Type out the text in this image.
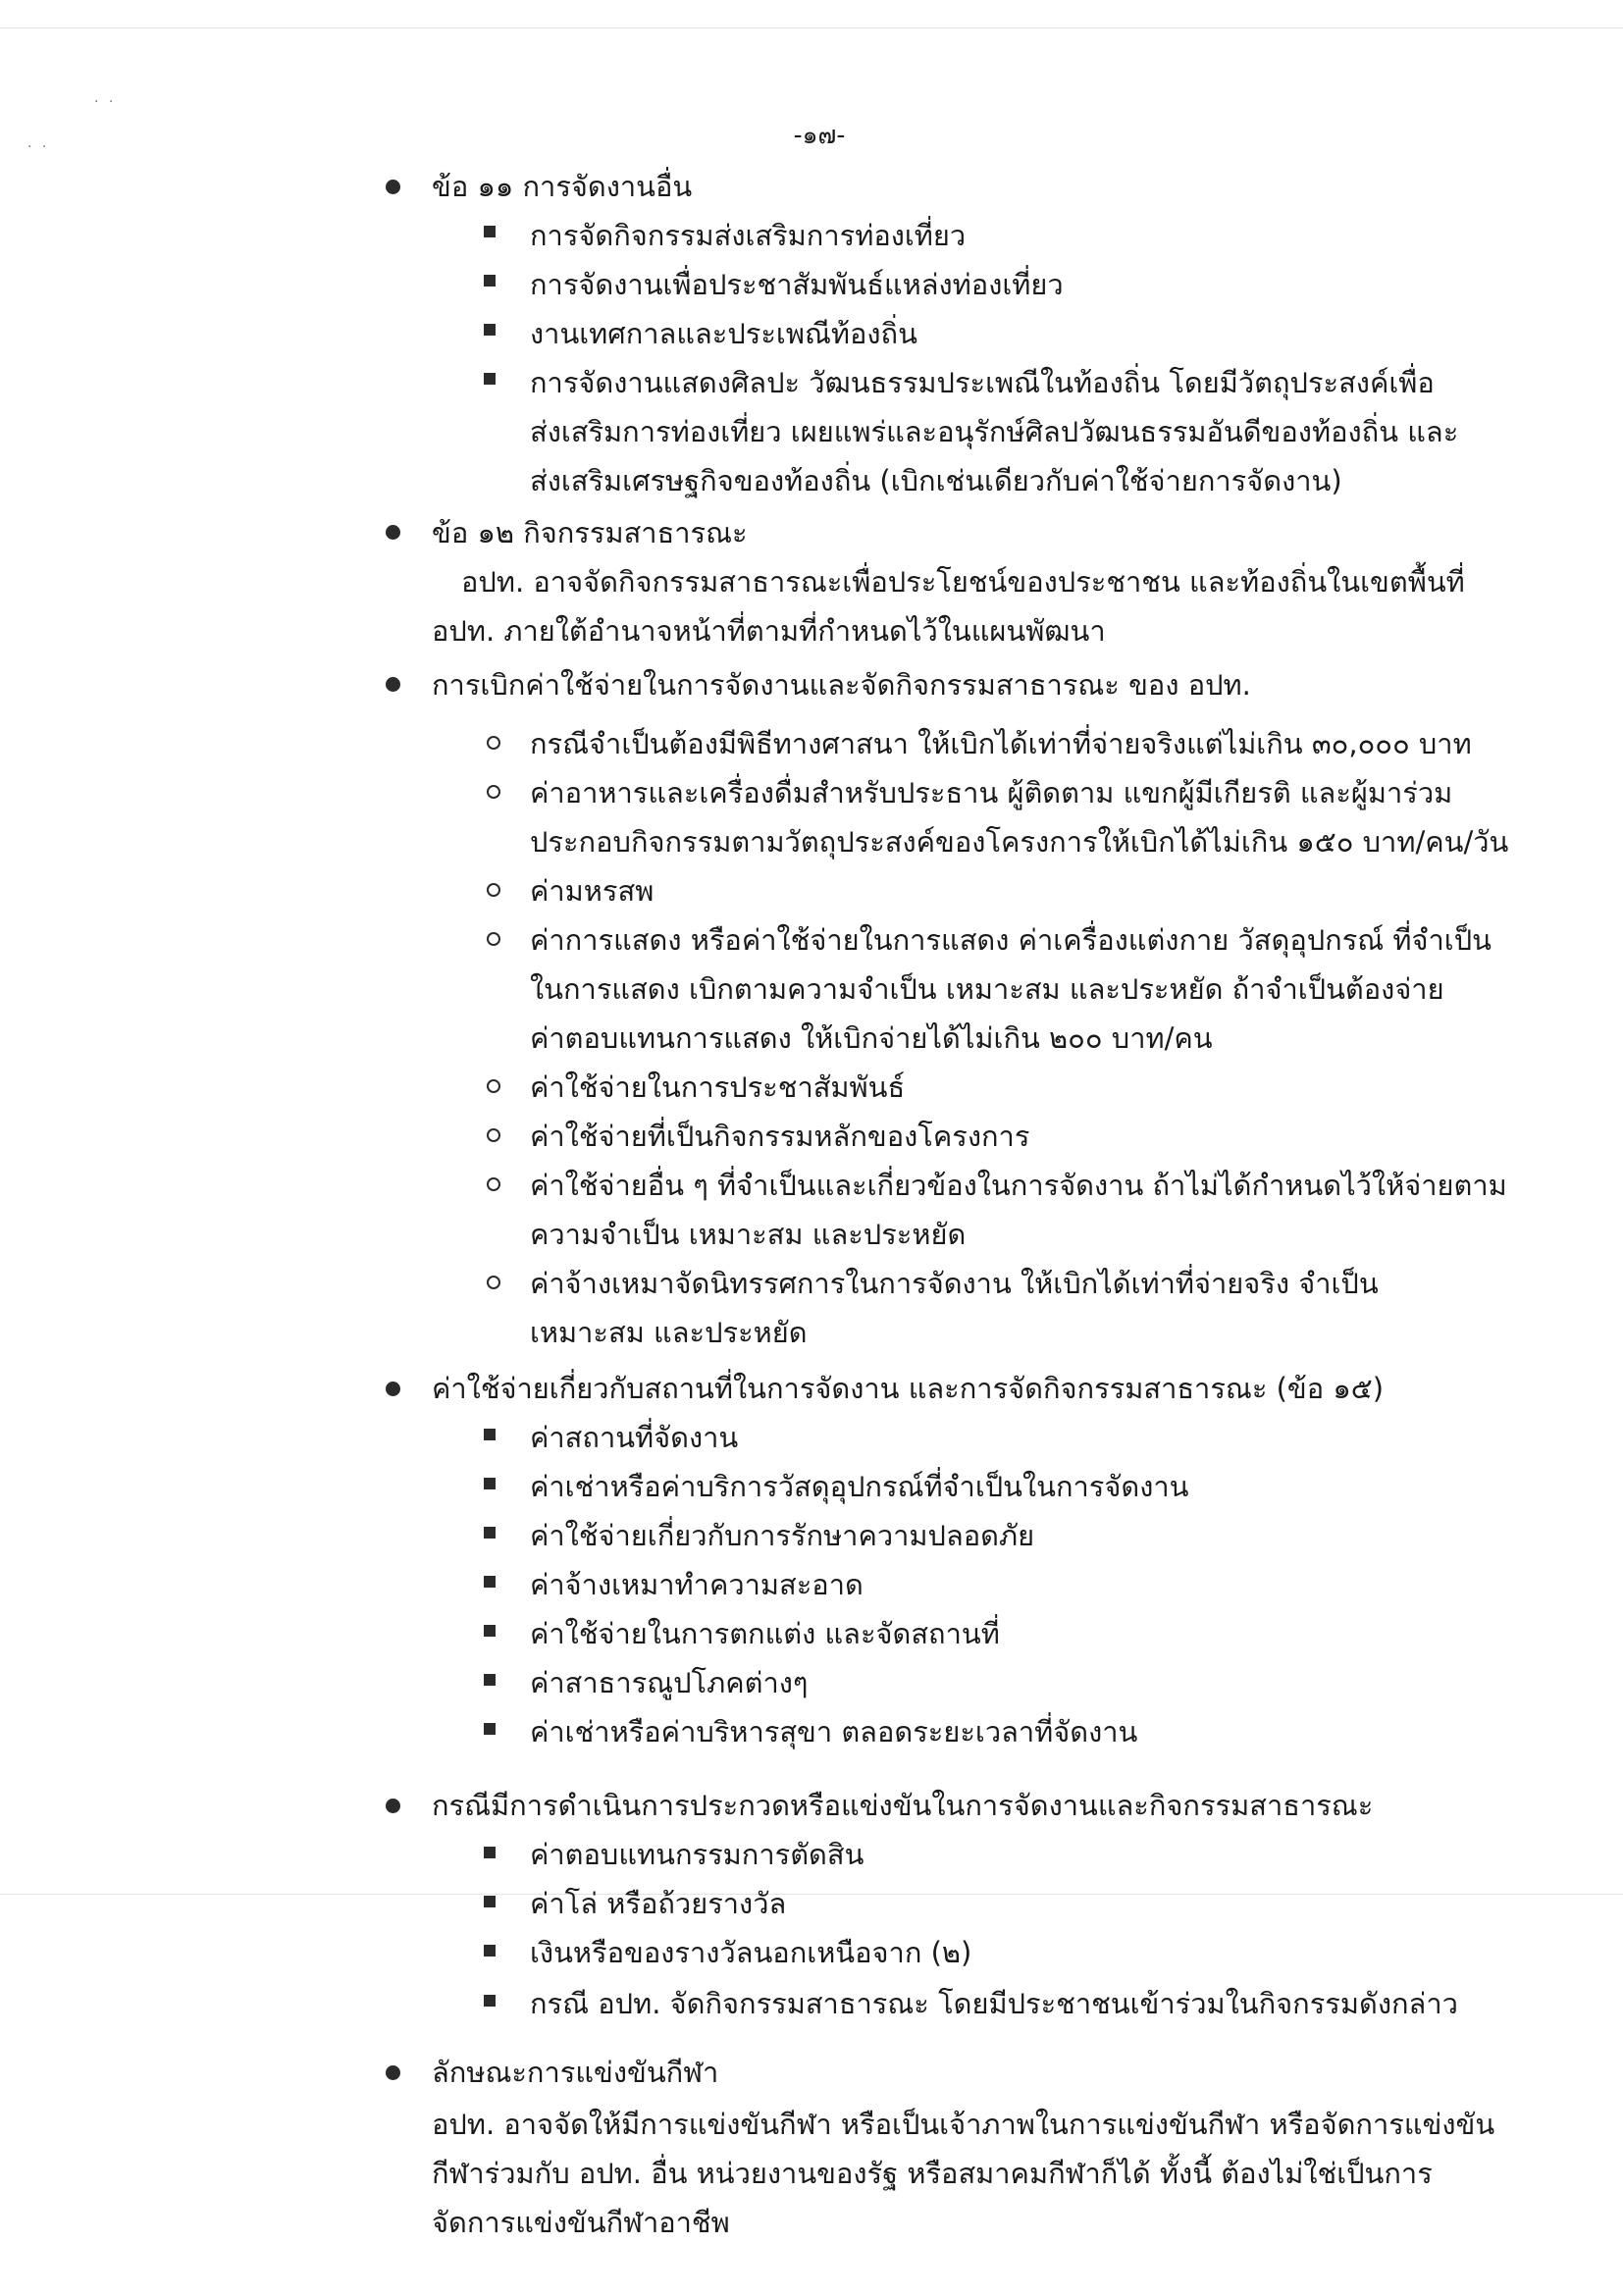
· ·
· ·	-๑๗-
ข้อ ๑๑ การจัดงานอื่น
การจัดกิจกรรมส่งเสริมการท่องเที่ยว
การจัดงานเพื่อประชาสัมพันธ์แหล่งท่องเที่ยว
งานเทศกาลและประเพณีท้องถิ่น
การจัดงานแสดงศิลปะ วัฒนธรรมประเพณีในท้องถิ่น โดยมีวัตถุประสงค์เพื่อ
ส่งเสริมการท่องเที่ยว เผยแพร่และอนุรักษ์ศิลปวัฒนธรรมอันดีของท้องถิ่น และ
ส่งเสริมเศรษฐกิจของท้องถิ่น (เบิกเช่นเดียวกับค่าใช้จ่ายการจัดงาน)
ข้อ ๑๒ กิจกรรมสาธารณะ
อปท. อาจจัดกิจกรรมสาธารณะเพื่อประโยชน์ของประชาชน และท้องถิ่นในเขตพื้นที่
อปท. ภายใต้อำนาจหน้าที่ตามที่กำหนดไว้ในแผนพัฒนา
การเบิกค่าใช้จ่ายในการจัดงานและจัดกิจกรรมสาธารณะ ของ อปท.
กรณีจำเป็นต้องมีพิธีทางศาสนา ให้เบิกได้เท่าที่จ่ายจริงแต่ไม่เกิน ๓๐,๐๐๐ บาท
ค่าอาหารและเครื่องดื่มสำหรับประธาน ผู้ติดตาม แขกผู้มีเกียรติ และผู้มาร่วม
ประกอบกิจกรรมตามวัตถุประสงค์ของโครงการให้เบิกได้ไม่เกิน ๑๕๐ บาท/คน/วัน
ค่ามหรสพ
ค่าการแสดง หรือค่าใช้จ่ายในการแสดง ค่าเครื่องแต่งกาย วัสดุอุปกรณ์ ที่จำเป็น
ในการแสดง เบิกตามความจำเป็น เหมาะสม และประหยัด ถ้าจำเป็นต้องจ่าย
ค่าตอบแทนการแสดง ให้เบิกจ่ายได้ไม่เกิน ๒๐๐ บาท/คน
ค่าใช้จ่ายในการประชาสัมพันธ์
ค่าใช้จ่ายที่เป็นกิจกรรมหลักของโครงการ
ค่าใช้จ่ายอื่น ๆ ที่จำเป็นและเกี่ยวข้องในการจัดงาน ถ้าไม่ได้กำหนดไว้ให้จ่ายตาม
ความจำเป็น เหมาะสม และประหยัด
ค่าจ้างเหมาจัดนิทรรศการในการจัดงาน ให้เบิกได้เท่าที่จ่ายจริง จำเป็น
เหมาะสม และประหยัด
ค่าใช้จ่ายเกี่ยวกับสถานที่ในการจัดงาน และการจัดกิจกรรมสาธารณะ (ข้อ ๑๕)
ค่าสถานที่จัดงาน
ค่าเช่าหรือค่าบริการวัสดุอุปกรณ์ที่จำเป็นในการจัดงาน
ค่าใช้จ่ายเกี่ยวกับการรักษาความปลอดภัย
ค่าจ้างเหมาทำความสะอาด
ค่าใช้จ่ายในการตกแต่ง และจัดสถานที่
ค่าสาธารณูปโภคต่างๆ
ค่าเช่าหรือค่าบริหารสุขา ตลอดระยะเวลาที่จัดงาน
กรณีมีการดำเนินการประกวดหรือแข่งขันในการจัดงานและกิจกรรมสาธารณะ
ค่าตอบแทนกรรมการตัดสิน
ค่าโล่ หรือถ้วยรางวัล
เงินหรือของรางวัลนอกเหนือจาก (๒)
กรณี อปท. จัดกิจกรรมสาธารณะ โดยมีประชาชนเข้าร่วมในกิจกรรมดังกล่าว
ลักษณะการแข่งขันกีฬา
อปท. อาจจัดให้มีการแข่งขันกีฬา หรือเป็นเจ้าภาพในการแข่งขันกีฬา หรือจัดการแข่งขัน
กีฬาร่วมกับ อปท. อื่น หน่วยงานของรัฐ หรือสมาคมกีฬาก็ได้ ทั้งนี้ ต้องไม่ใช่เป็นการ
จัดการแข่งขันกีฬาอาชีพ
